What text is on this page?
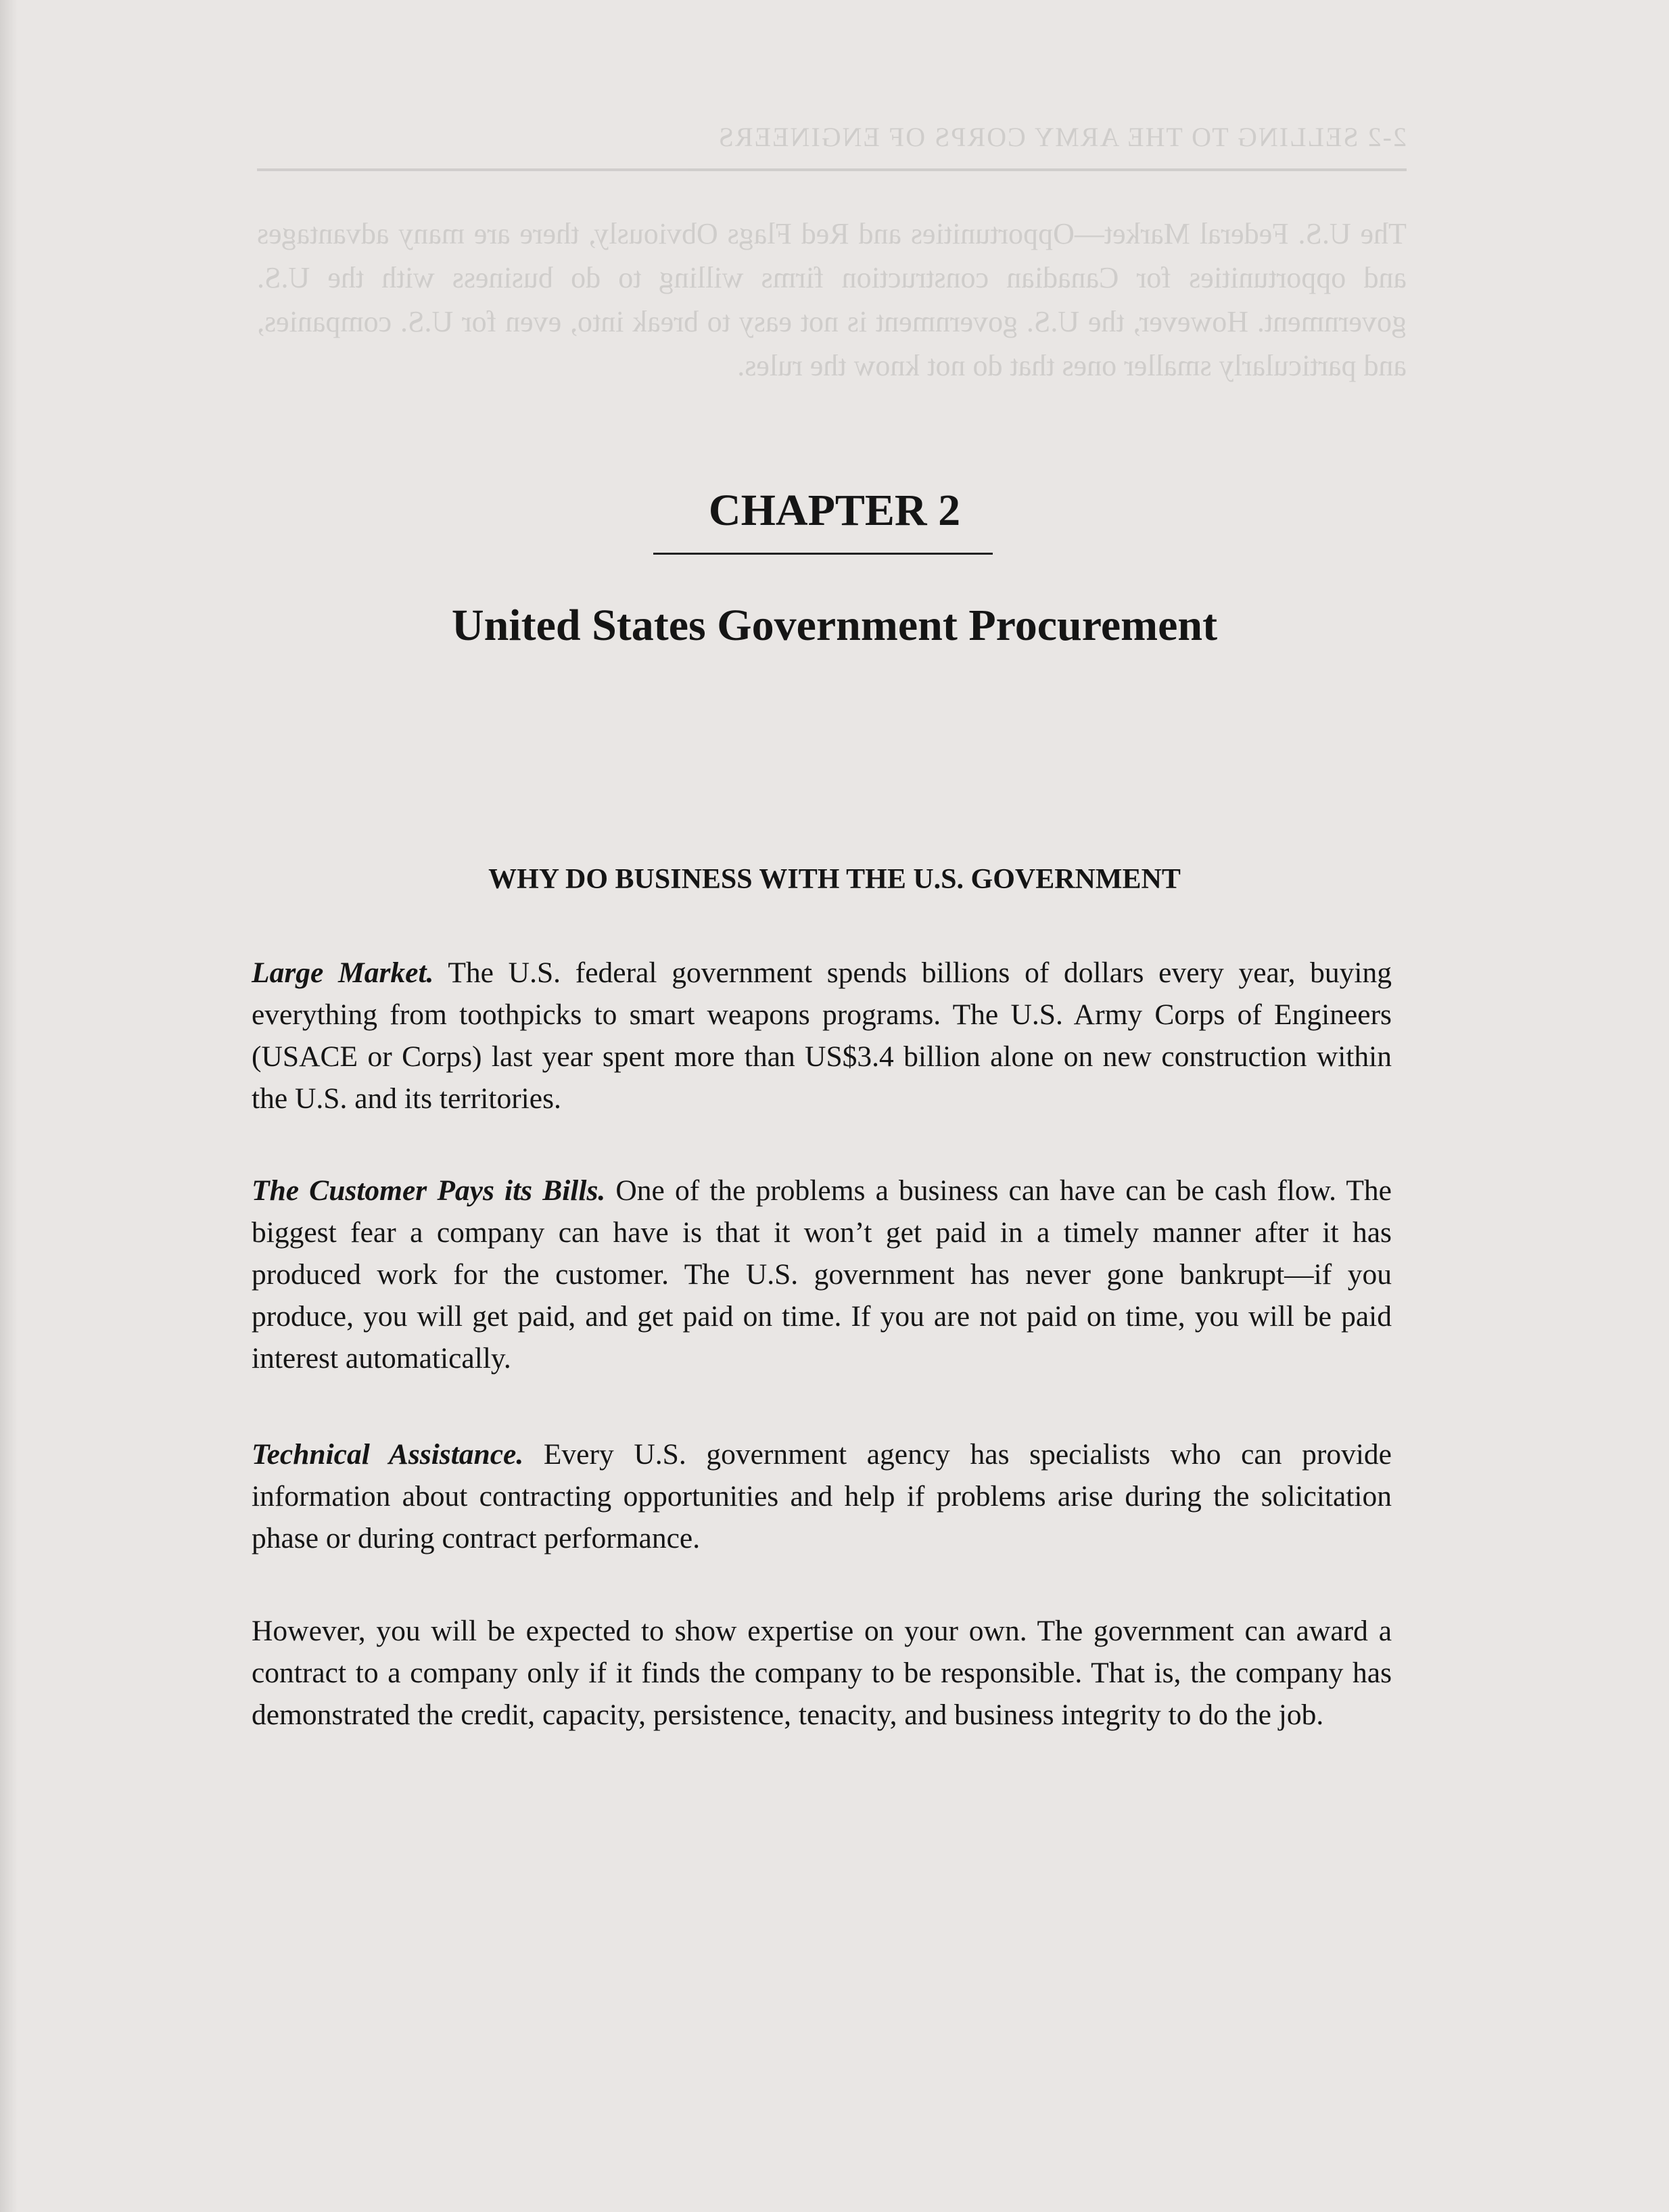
2-2 SELLING TO THE ARMY CORPS OF ENGINEERS
The U.S. Federal Market—Opportunities and Red Flags Obviously, there are many advantages and opportunities for Canadian construction firms willing to do business with the U.S. government. However, the U.S. government is not easy to break into, even for U.S. companies, and particularly smaller ones that do not know the rules.
CHAPTER 2
United States Government Procurement
WHY DO BUSINESS WITH THE U.S. GOVERNMENT

Large Market. The U.S. federal government spends billions of dollars every year, buying everything from toothpicks to smart weapons programs. The U.S. Army Corps of Engineers (USACE or Corps) last year spent more than US$3.4 billion alone on new construction within the U.S. and its territories.

The Customer Pays its Bills. One of the problems a business can have can be cash flow. The biggest fear a company can have is that it won’t get paid in a timely manner after it has produced work for the customer. The U.S. government has never gone bankrupt—if you produce, you will get paid, and get paid on time. If you are not paid on time, you will be paid interest automatically.

Technical Assistance. Every U.S. government agency has specialists who can provide information about contracting opportunities and help if problems arise during the solicitation phase or during contract performance.

However, you will be expected to show expertise on your own. The government can award a contract to a company only if it finds the company to be responsible. That is, the company has demonstrated the credit, capacity, persistence, tenacity, and business integrity to do the job.
